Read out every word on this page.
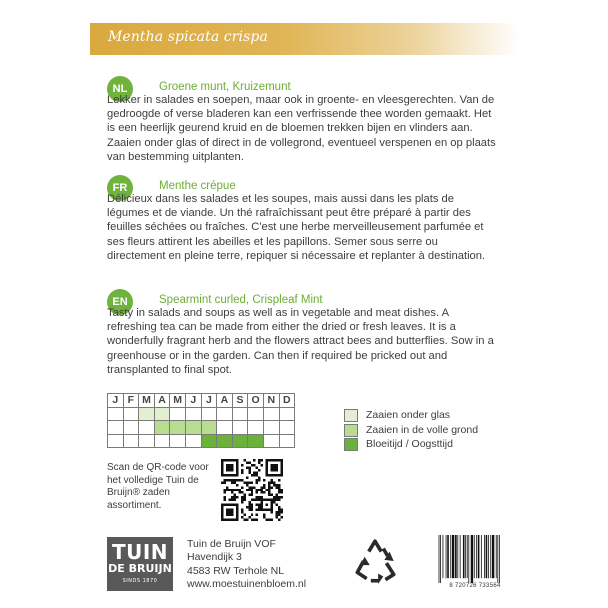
Mentha spicata crispa
NL	Groene munt, Kruizemunt
Lekker in salades en soepen, maar ook in groente- en vleesgerechten. Van de gedroogde of verse bladeren kan een verfrissende thee worden gemaakt. Het is een heerlijk geurend kruid en de bloemen trekken bijen en vlinders aan. Zaaien onder glas of direct in de vollegrond, eventueel verspenen en op plaats van bestemming uitplanten.
FR	Menthe crépue
Délicieux dans les salades et les soupes, mais aussi dans les plats de légumes et de viande. Un thé rafraîchissant peut être préparé à partir des feuilles séchées ou fraîches. C'est une herbe merveilleusement parfumée et ses fleurs attirent les abeilles et les papillons. Semer sous serre ou directement en pleine terre, repiquer si nécessaire et replanter à destination.
EN	Spearmint curled, Crispleaf Mint
Tasty in salads and soups as well as in vegetable and meat dishes. A refreshing tea can be made from either the dried or fresh leaves. It is a wonderfully fragrant herb and the flowers attract bees and butterflies. Sow in a greenhouse or in the garden. Can then if required be pricked out and transplanted to final spot.
J	F	M	A	M	J	J	A	S	O	N	D

Zaaien onder glas
Zaaien in de volle grond
Bloeitijd / Oogsttijd
Scan de QR-code voor het volledige Tuin de Bruijn® zaden assortiment.
TUIN
DE BRUIJN
SINDS 1870
Tuin de Bruijn VOF
Havendijk 3
4583 RW Terhole NL
www.moestuinenbloem.nl	8 720726 733564
